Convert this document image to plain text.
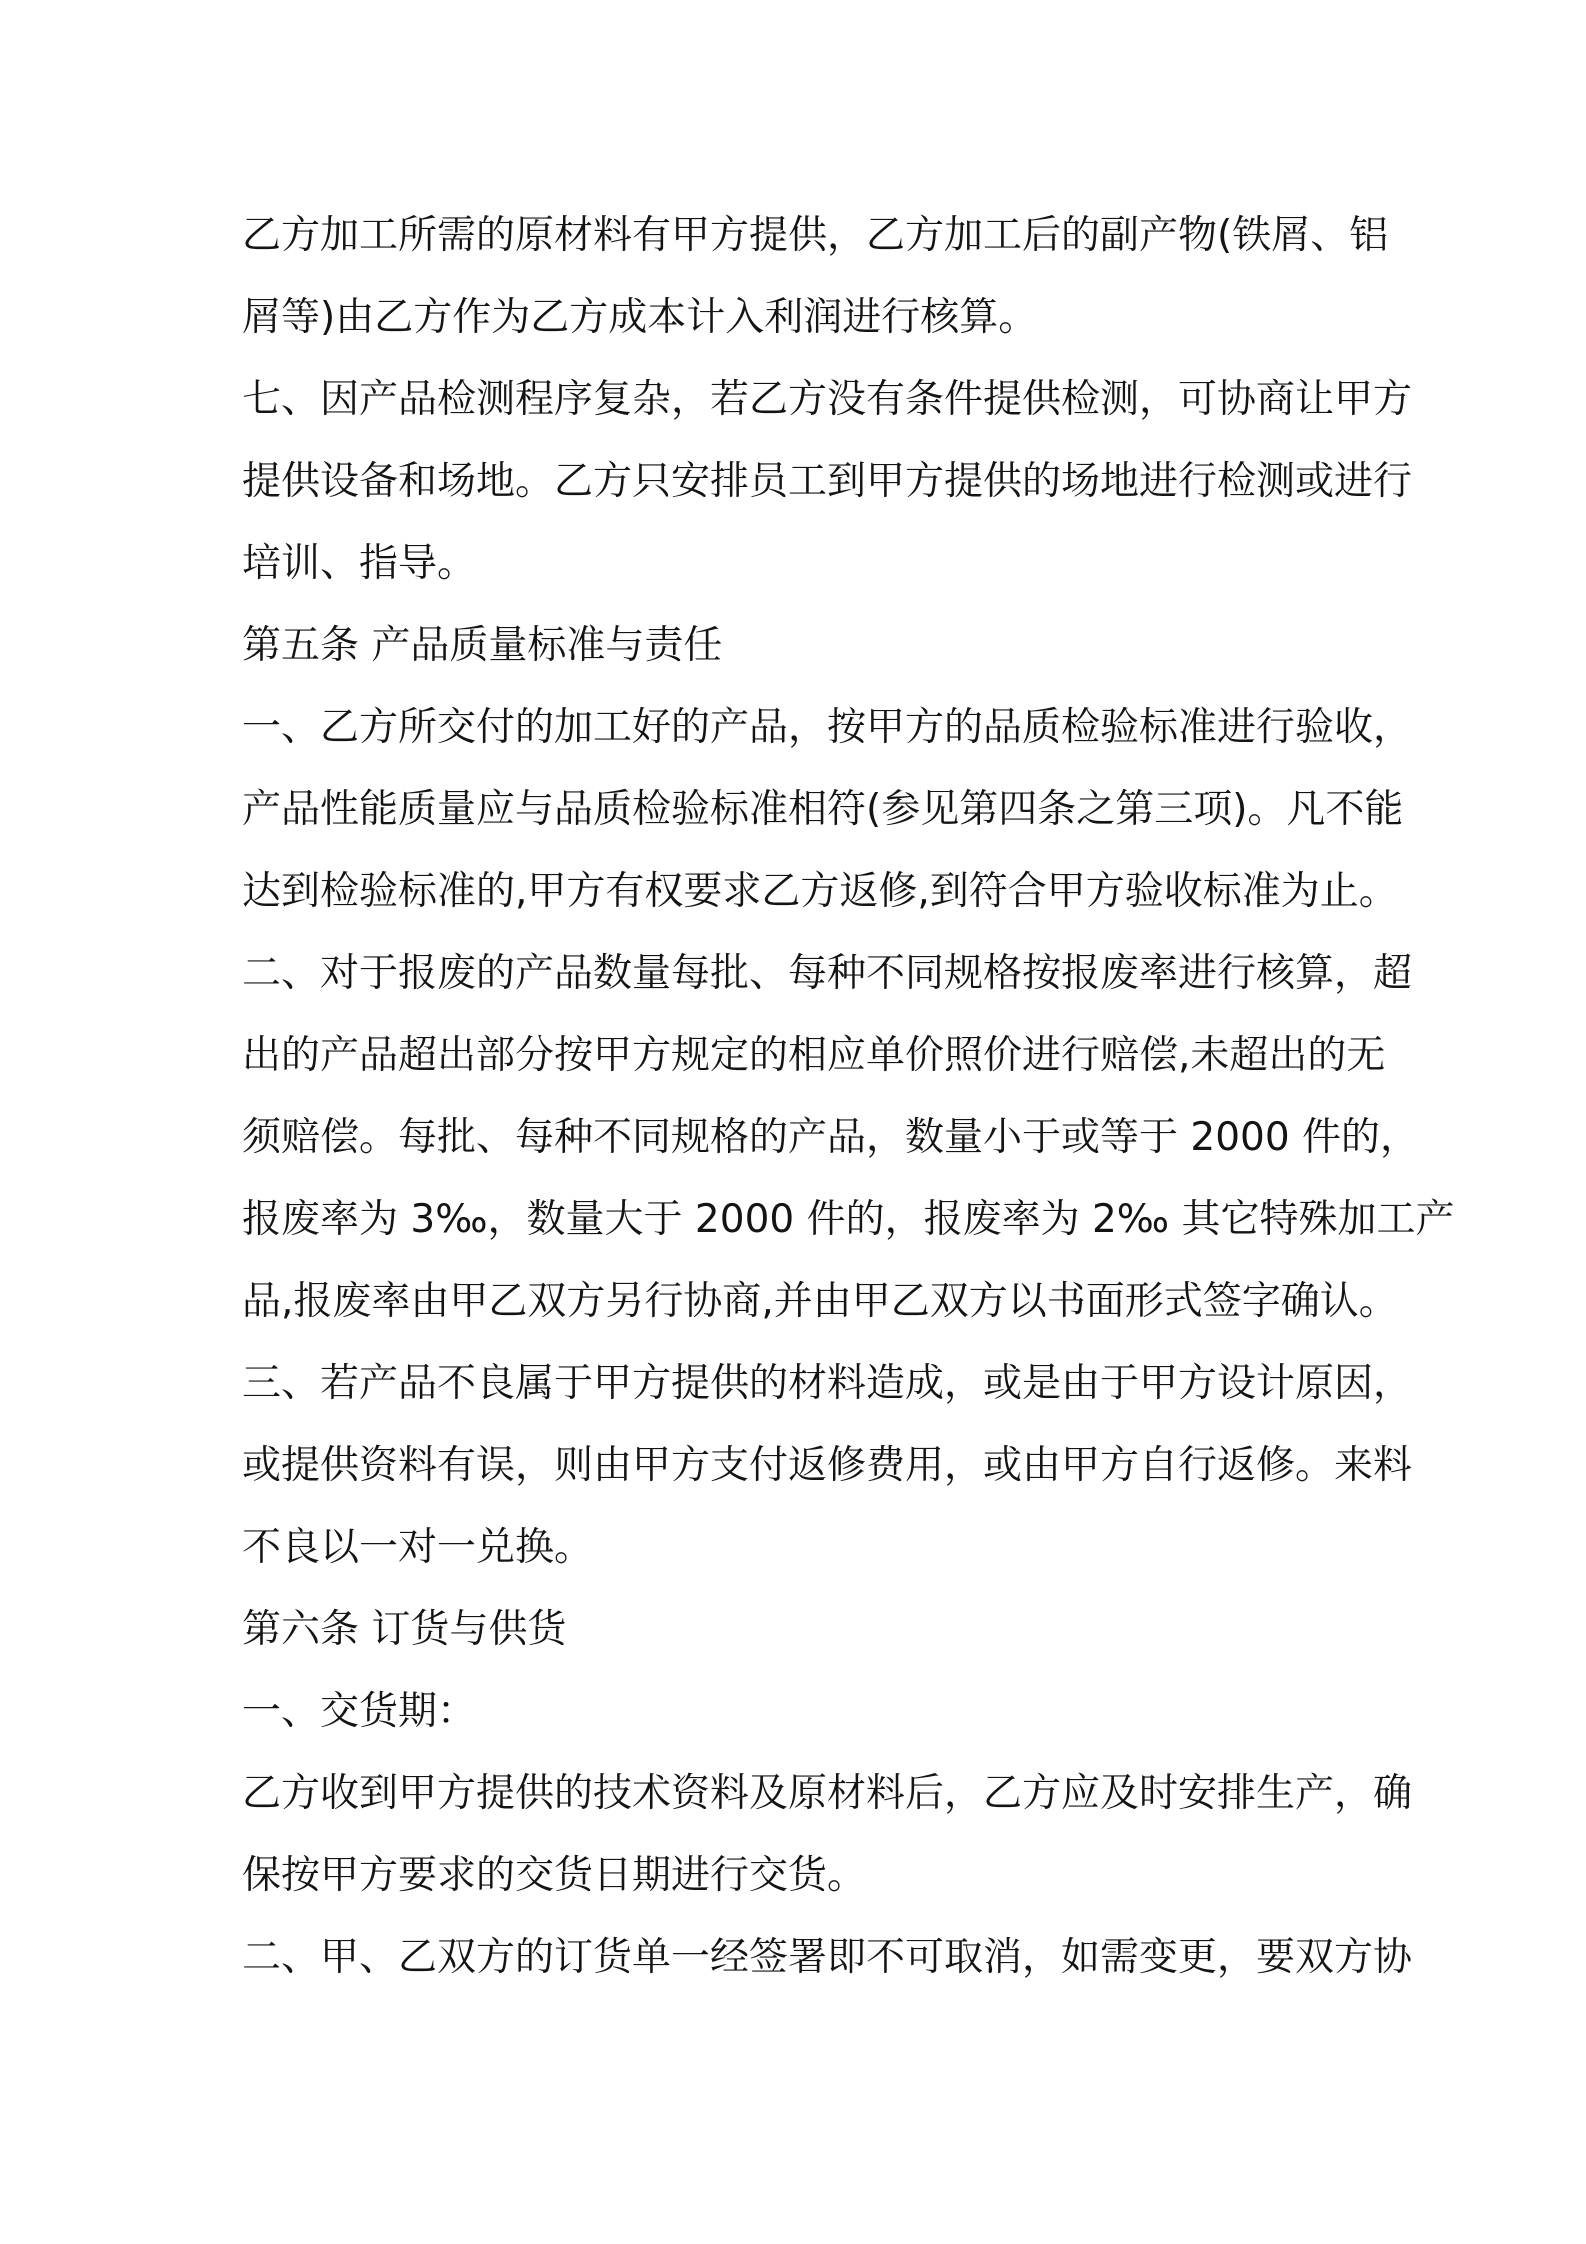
乙方加工所需的原材料有甲方提供，乙方加工后的副产物(铁屑、铝
屑等)由乙方作为乙方成本计入利润进行核算。
七、因产品检测程序复杂，若乙方没有条件提供检测，可协商让甲方
提供设备和场地。乙方只安排员工到甲方提供的场地进行检测或进行
培训、指导。
第五条 产品质量标准与责任
一、乙方所交付的加工好的产品，按甲方的品质检验标准进行验收，
产品性能质量应与品质检验标准相符(参见第四条之第三项)。凡不能
达到检验标准的,甲方有权要求乙方返修,到符合甲方验收标准为止。
二、对于报废的产品数量每批、每种不同规格按报废率进行核算，超
出的产品超出部分按甲方规定的相应单价照价进行赔偿,未超出的无
须赔偿。每批、每种不同规格的产品，数量小于或等于 2000 件的，
报废率为 3‰，数量大于 2000 件的，报废率为 2‰ 其它特殊加工产
品,报废率由甲乙双方另行协商,并由甲乙双方以书面形式签字确认。
三、若产品不良属于甲方提供的材料造成，或是由于甲方设计原因，
或提供资料有误，则由甲方支付返修费用，或由甲方自行返修。来料
不良以一对一兑换。
第六条 订货与供货
一、交货期：
乙方收到甲方提供的技术资料及原材料后，乙方应及时安排生产，确
保按甲方要求的交货日期进行交货。
二、甲、乙双方的订货单一经签署即不可取消，如需变更，要双方协
